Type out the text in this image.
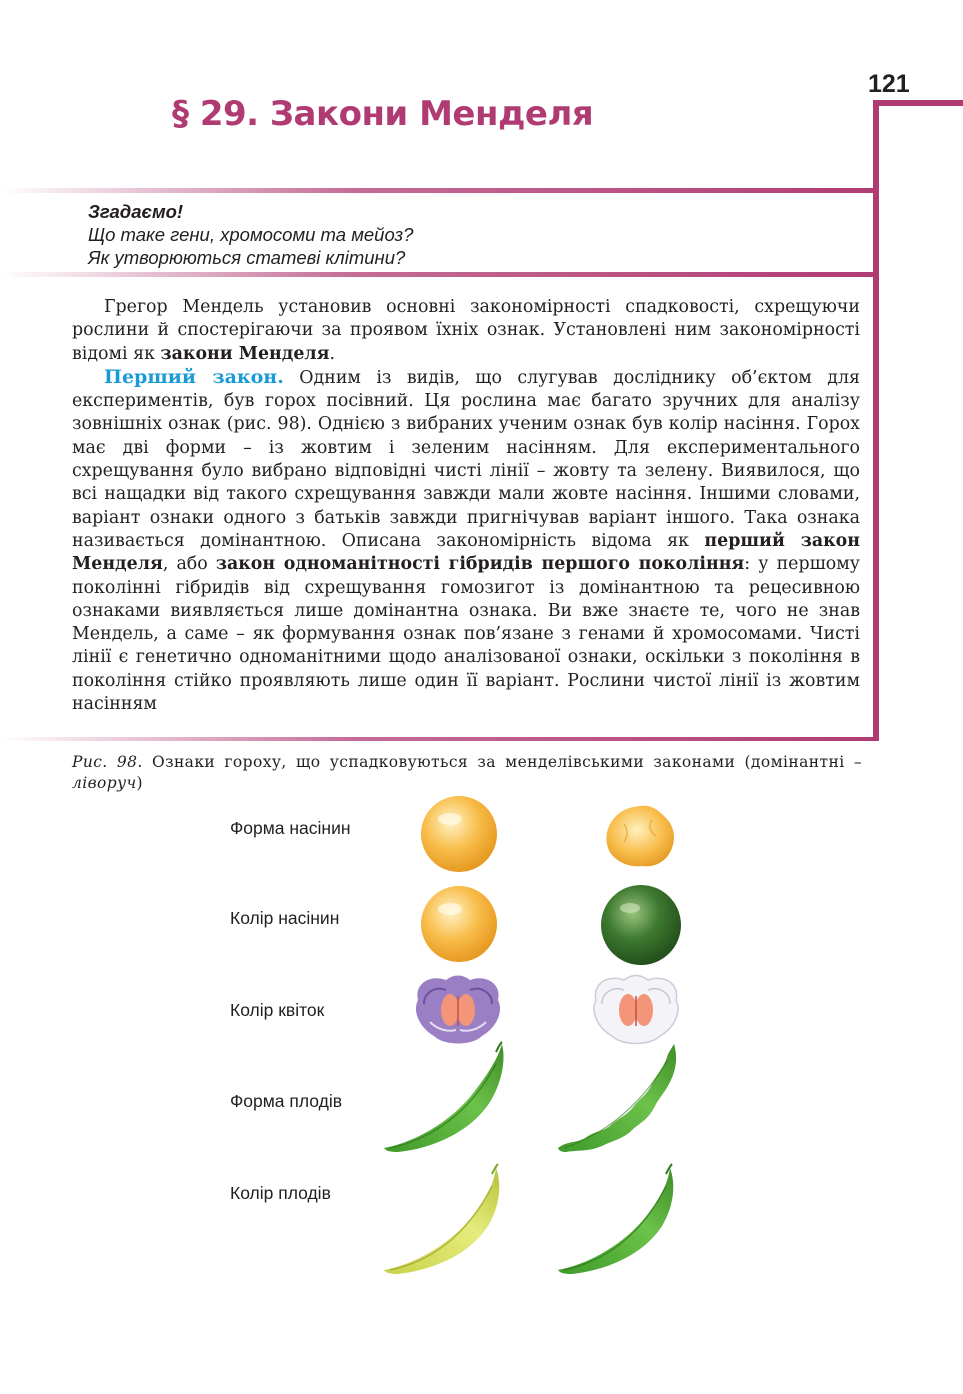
121
§ 29. Закони Менделя
Згадаємо!
Що таке гени, хромосоми та мейоз?
Як утворюються статеві клітини?

Грегор Мендель установив основні закономірності спадковості, схрещуючи рослини й спостерігаючи за проявом їхніх ознак. Установлені ним закономірності відомі як закони Менделя.

Перший закон. Одним із видів, що слугував досліднику об’єктом для експериментів, був горох посівний. Ця рослина має багато зручних для аналізу зовнішніх ознак (рис. 98). Однією з вибраних ученим ознак був колір насіння. Горох має дві форми – із жовтим і зеленим насінням. Для експериментального схрещування було вибрано відповідні чисті лінії – жовту та зелену. Виявилося, що всі нащадки від такого схрещування завжди мали жовте насіння. Іншими словами, варіант ознаки одного з батьків завжди пригнічував варіант іншого. Така ознака називається домінантною. Описана закономірність відома як перший закон Менделя, або закон одноманітності гібридів першого покоління: у першому поколінні гібридів від схрещування гомозигот із домінантною та рецесивною ознаками виявляється лише домінантна ознака. Ви вже знаєте те, чого не знав Мендель, а саме – як формування ознак пов’язане з генами й хромосомами. Чисті лінії є генетично одноманітними щодо аналізованої ознаки, оскільки з покоління в покоління стійко проявляють лише один її варіант. Рослини чистої лінії із жовтим насінням

Рис. 98. Ознаки гороху, що успадковуються за менделівськими законами (домінантні – ліворуч)
Форма насінин
Колір насінин
Колір квіток
Форма плодів
Колір плодів
